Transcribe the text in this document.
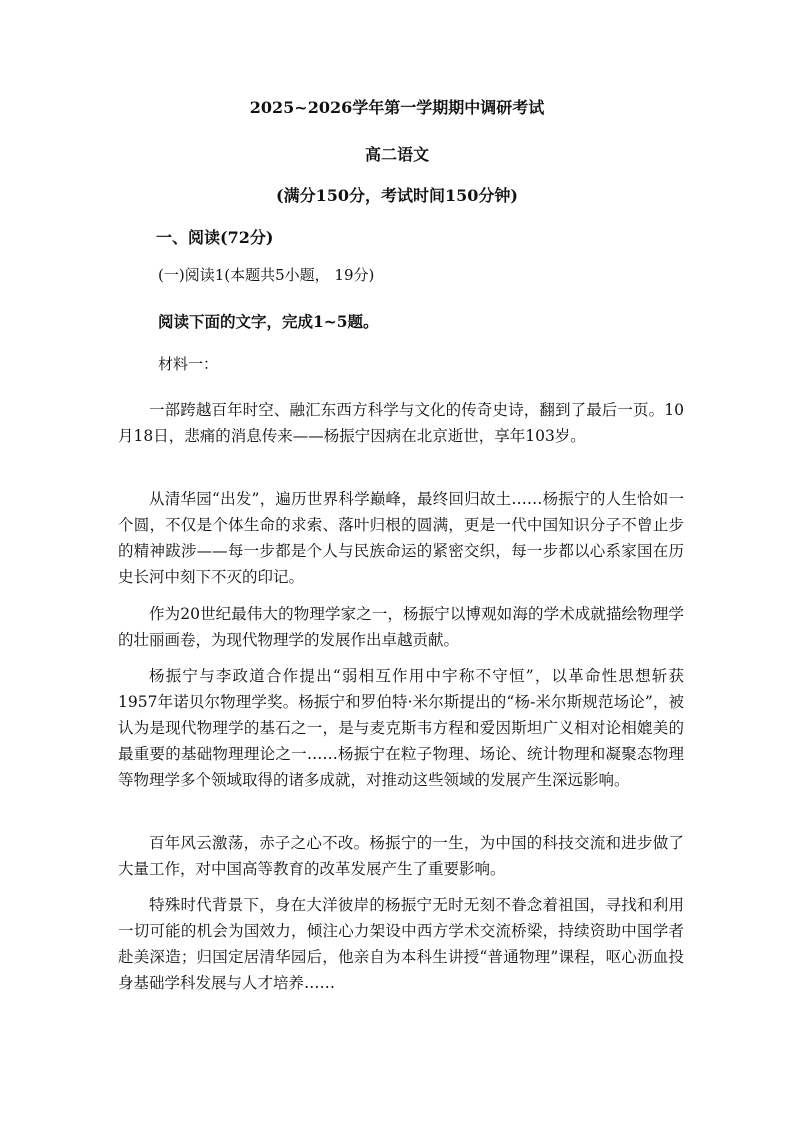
2025~2026学年第一学期期中调研考试
高二语文

(满分150分，考试时间150分钟)

一、阅读(72分)

(一)阅读1(本题共5小题， 19分)

阅读下面的文字，完成1~5题。

材料一：

一部跨越百年时空、融汇东西方科学与文化的传奇史诗，翻到了最后一页。10月18日，悲痛的消息传来——杨振宁因病在北京逝世，享年103岁。

从清华园“出发”，遍历世界科学巅峰，最终回归故土……杨振宁的人生恰如一个圆，不仅是个体生命的求索、落叶归根的圆满，更是一代中国知识分子不曾止步的精神跋涉——每一步都是个人与民族命运的紧密交织，每一步都以心系家国在历史长河中刻下不灭的印记。

作为20世纪最伟大的物理学家之一，杨振宁以博观如海的学术成就描绘物理学的壮丽画卷，为现代物理学的发展作出卓越贡献。

杨振宁与李政道合作提出“弱相互作用中宇称不守恒”，以革命性思想斩获1957年诺贝尔物理学奖。杨振宁和罗伯特·米尔斯提出的“杨-米尔斯规范场论”，被认为是现代物理学的基石之一，是与麦克斯韦方程和爱因斯坦广义相对论相媲美的最重要的基础物理理论之一……杨振宁在粒子物理、场论、统计物理和凝聚态物理等物理学多个领域取得的诸多成就，对推动这些领域的发展产生深远影响。

百年风云激荡，赤子之心不改。杨振宁的一生，为中国的科技交流和进步做了大量工作，对中国高等教育的改革发展产生了重要影响。

特殊时代背景下，身在大洋彼岸的杨振宁无时无刻不眷念着祖国，寻找和利用一切可能的机会为国效力，倾注心力架设中西方学术交流桥梁，持续资助中国学者赴美深造；归国定居清华园后，他亲自为本科生讲授“普通物理”课程，呕心沥血投身基础学科发展与人才培养……
